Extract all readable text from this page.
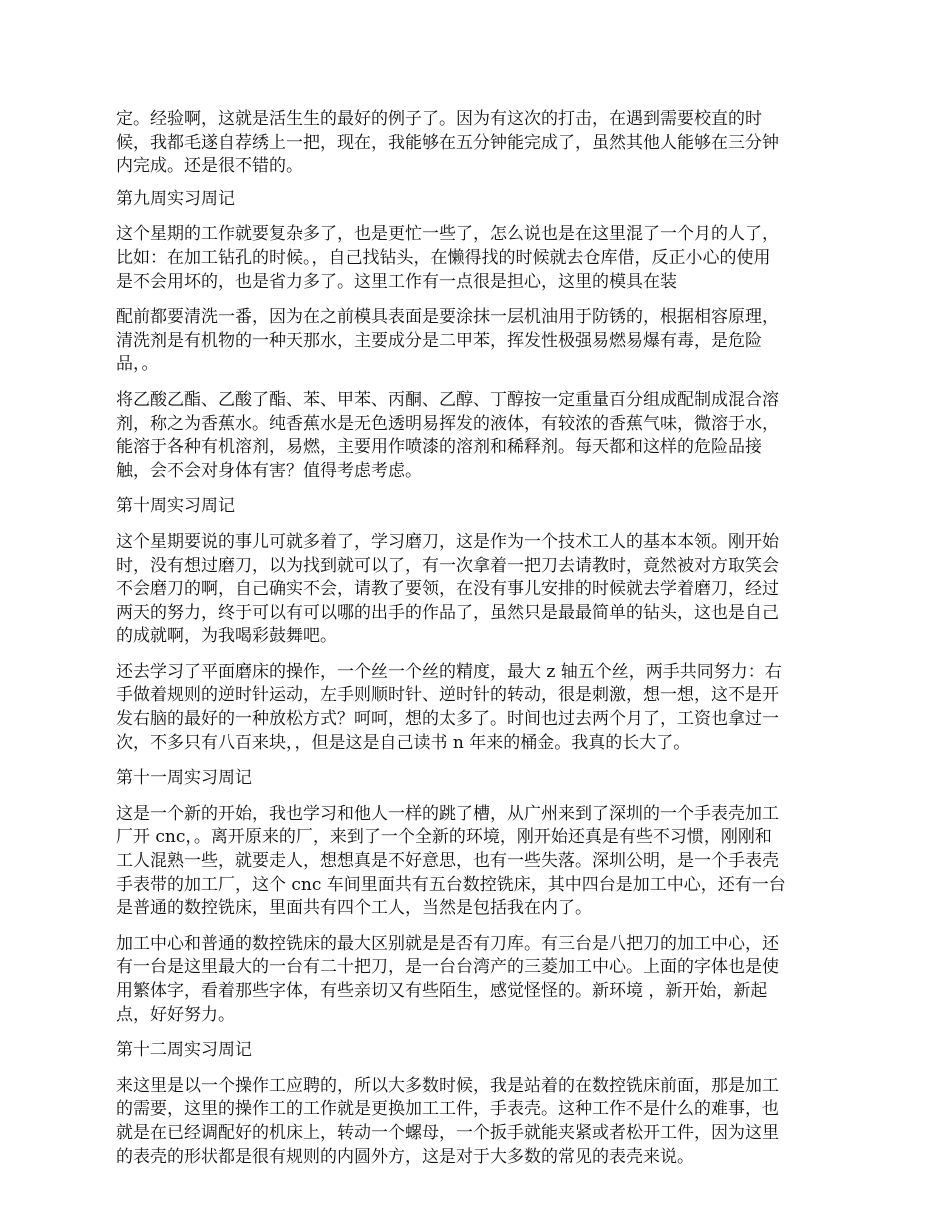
定。经验啊，这就是活生生的最好的例子了。因为有这次的打击，在遇到需要校直的时
候，我都毛遂自荐绣上一把，现在，我能够在五分钟能完成了，虽然其他人能够在三分钟
内完成。还是很不错的。

第九周实习周记

这个星期的工作就要复杂多了，也是更忙一些了，怎么说也是在这里混了一个月的人了，
比如：在加工钻孔的时候。，自己找钻头，在懒得找的时候就去仓库借，反正小心的使用
是不会用坏的，也是省力多了。这里工作有一点很是担心，这里的模具在装

配前都要清洗一番，因为在之前模具表面是要涂抹一层机油用于防锈的，根据相容原理，
清洗剂是有机物的一种天那水，主要成分是二甲苯，挥发性极强易燃易爆有毒，是危险
品，。

将乙酸乙酯、乙酸了酯、苯、甲苯、丙酮、乙醇、丁醇按一定重量百分组成配制成混合溶
剂，称之为香蕉水。纯香蕉水是无色透明易挥发的液体，有较浓的香蕉气味，微溶于水，
能溶于各种有机溶剂，易燃，主要用作喷漆的溶剂和稀释剂。每天都和这样的危险品接
触，会不会对身体有害？值得考虑考虑。

第十周实习周记

这个星期要说的事儿可就多着了，学习磨刀，这是作为一个技术工人的基本本领。刚开始
时，没有想过磨刀，以为找到就可以了，有一次拿着一把刀去请教时，竟然被对方取笑会
不会磨刀的啊，自己确实不会，请教了要领，在没有事儿安排的时候就去学着磨刀，经过
两天的努力，终于可以有可以哪的出手的作品了，虽然只是最最简单的钻头，这也是自己
的成就啊，为我喝彩鼓舞吧。

还去学习了平面磨床的操作，一个丝一个丝的精度，最大 z 轴五个丝，两手共同努力：右
手做着规则的逆时针运动，左手则顺时针、逆时针的转动，很是刺激，想一想，这不是开
发右脑的最好的一种放松方式？呵呵，想的太多了。时间也过去两个月了，工资也拿过一
次，不多只有八百来块，，但是这是自己读书 n 年来的桶金。我真的长大了。

第十一周实习周记

这是一个新的开始，我也学习和他人一样的跳了槽，从广州来到了深圳的一个手表壳加工
厂开 cnc，。离开原来的厂，来到了一个全新的环境，刚开始还真是有些不习惯，刚刚和
工人混熟一些，就要走人，想想真是不好意思，也有一些失落。深圳公明，是一个手表壳
手表带的加工厂，这个 cnc 车间里面共有五台数控铣床，其中四台是加工中心，还有一台
是普通的数控铣床，里面共有四个工人，当然是包括我在内了。

加工中心和普通的数控铣床的最大区别就是是否有刀库。有三台是八把刀的加工中心，还
有一台是这里最大的一台有二十把刀，是一台台湾产的三菱加工中心。上面的字体也是使
用繁体字，看着那些字体，有些亲切又有些陌生，感觉怪怪的。新环境 ，新开始，新起
点，好好努力。

第十二周实习周记

来这里是以一个操作工应聘的，所以大多数时候，我是站着的在数控铣床前面，那是加工
的需要，这里的操作工的工作就是更换加工工件，手表壳。这种工作不是什么的难事，也
就是在已经调配好的机床上，转动一个螺母，一个扳手就能夹紧或者松开工件，因为这里
的表壳的形状都是很有规则的内圆外方，这是对于大多数的常见的表壳来说。
